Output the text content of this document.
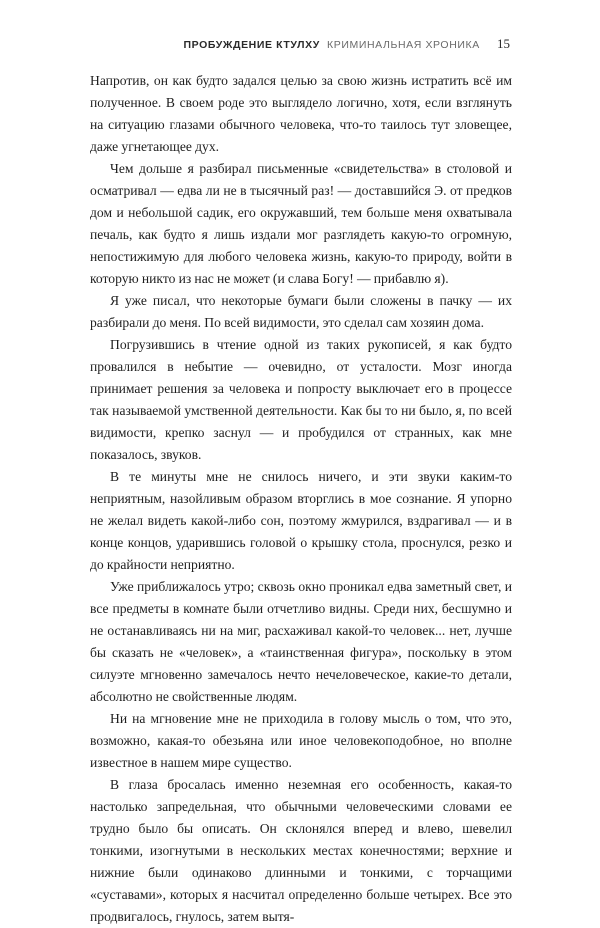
ПРОБУЖДЕНИЕ КТУЛХУ КРИМИНАЛЬНАЯ ХРОНИКА 15

Напротив, он как будто задался целью за свою жизнь истратить всё им полученное. В своем роде это выглядело логично, хотя, если взглянуть на ситуацию глазами обычного человека, что-то таилось тут зловещее, даже угнетающее дух.

Чем дольше я разбирал письменные «свидетельства» в столовой и осматривал — едва ли не в тысячный раз! — доставшийся Э. от предков дом и небольшой садик, его окружавший, тем больше меня охватывала печаль, как будто я лишь издали мог разглядеть какую-то огромную, непостижимую для любого человека жизнь, какую-то природу, войти в которую никто из нас не может (и слава Богу! — прибавлю я).

Я уже писал, что некоторые бумаги были сложены в пачку — их разбирали до меня. По всей видимости, это сделал сам хозяин дома.

Погрузившись в чтение одной из таких рукописей, я как будто провалился в небытие — очевидно, от усталости. Мозг иногда принимает решения за человека и попросту выключает его в процессе так называемой умственной деятельности. Как бы то ни было, я, по всей видимости, крепко заснул — и пробудился от странных, как мне показалось, звуков.

В те минуты мне не снилось ничего, и эти звуки каким-то неприятным, назойливым образом вторглись в мое сознание. Я упорно не желал видеть какой-либо сон, поэтому жмурился, вздрагивал — и в конце концов, ударившись головой о крышку стола, проснулся, резко и до крайности неприятно.

Уже приближалось утро; сквозь окно проникал едва заметный свет, и все предметы в комнате были отчетливо видны. Среди них, бесшумно и не останавливаясь ни на миг, расхаживал какой-то человек... нет, лучше бы сказать не «человек», а «таинственная фигура», поскольку в этом силуэте мгновенно замечалось нечто нечеловеческое, какие-то детали, абсолютно не свойственные людям.

Ни на мгновение мне не приходила в голову мысль о том, что это, возможно, какая-то обезьяна или иное человекоподобное, но вполне известное в нашем мире существо.

В глаза бросалась именно неземная его особенность, какая-то настолько запредельная, что обычными человеческими словами ее трудно было бы описать. Он склонялся вперед и влево, шевелил тонкими, изогнутыми в нескольких местах конечностями; верхние и нижние были одинаково длинными и тонкими, с торчащими «суставами», которых я насчитал определенно больше четырех. Все это продвигалось, гнулось, затем вытя-
